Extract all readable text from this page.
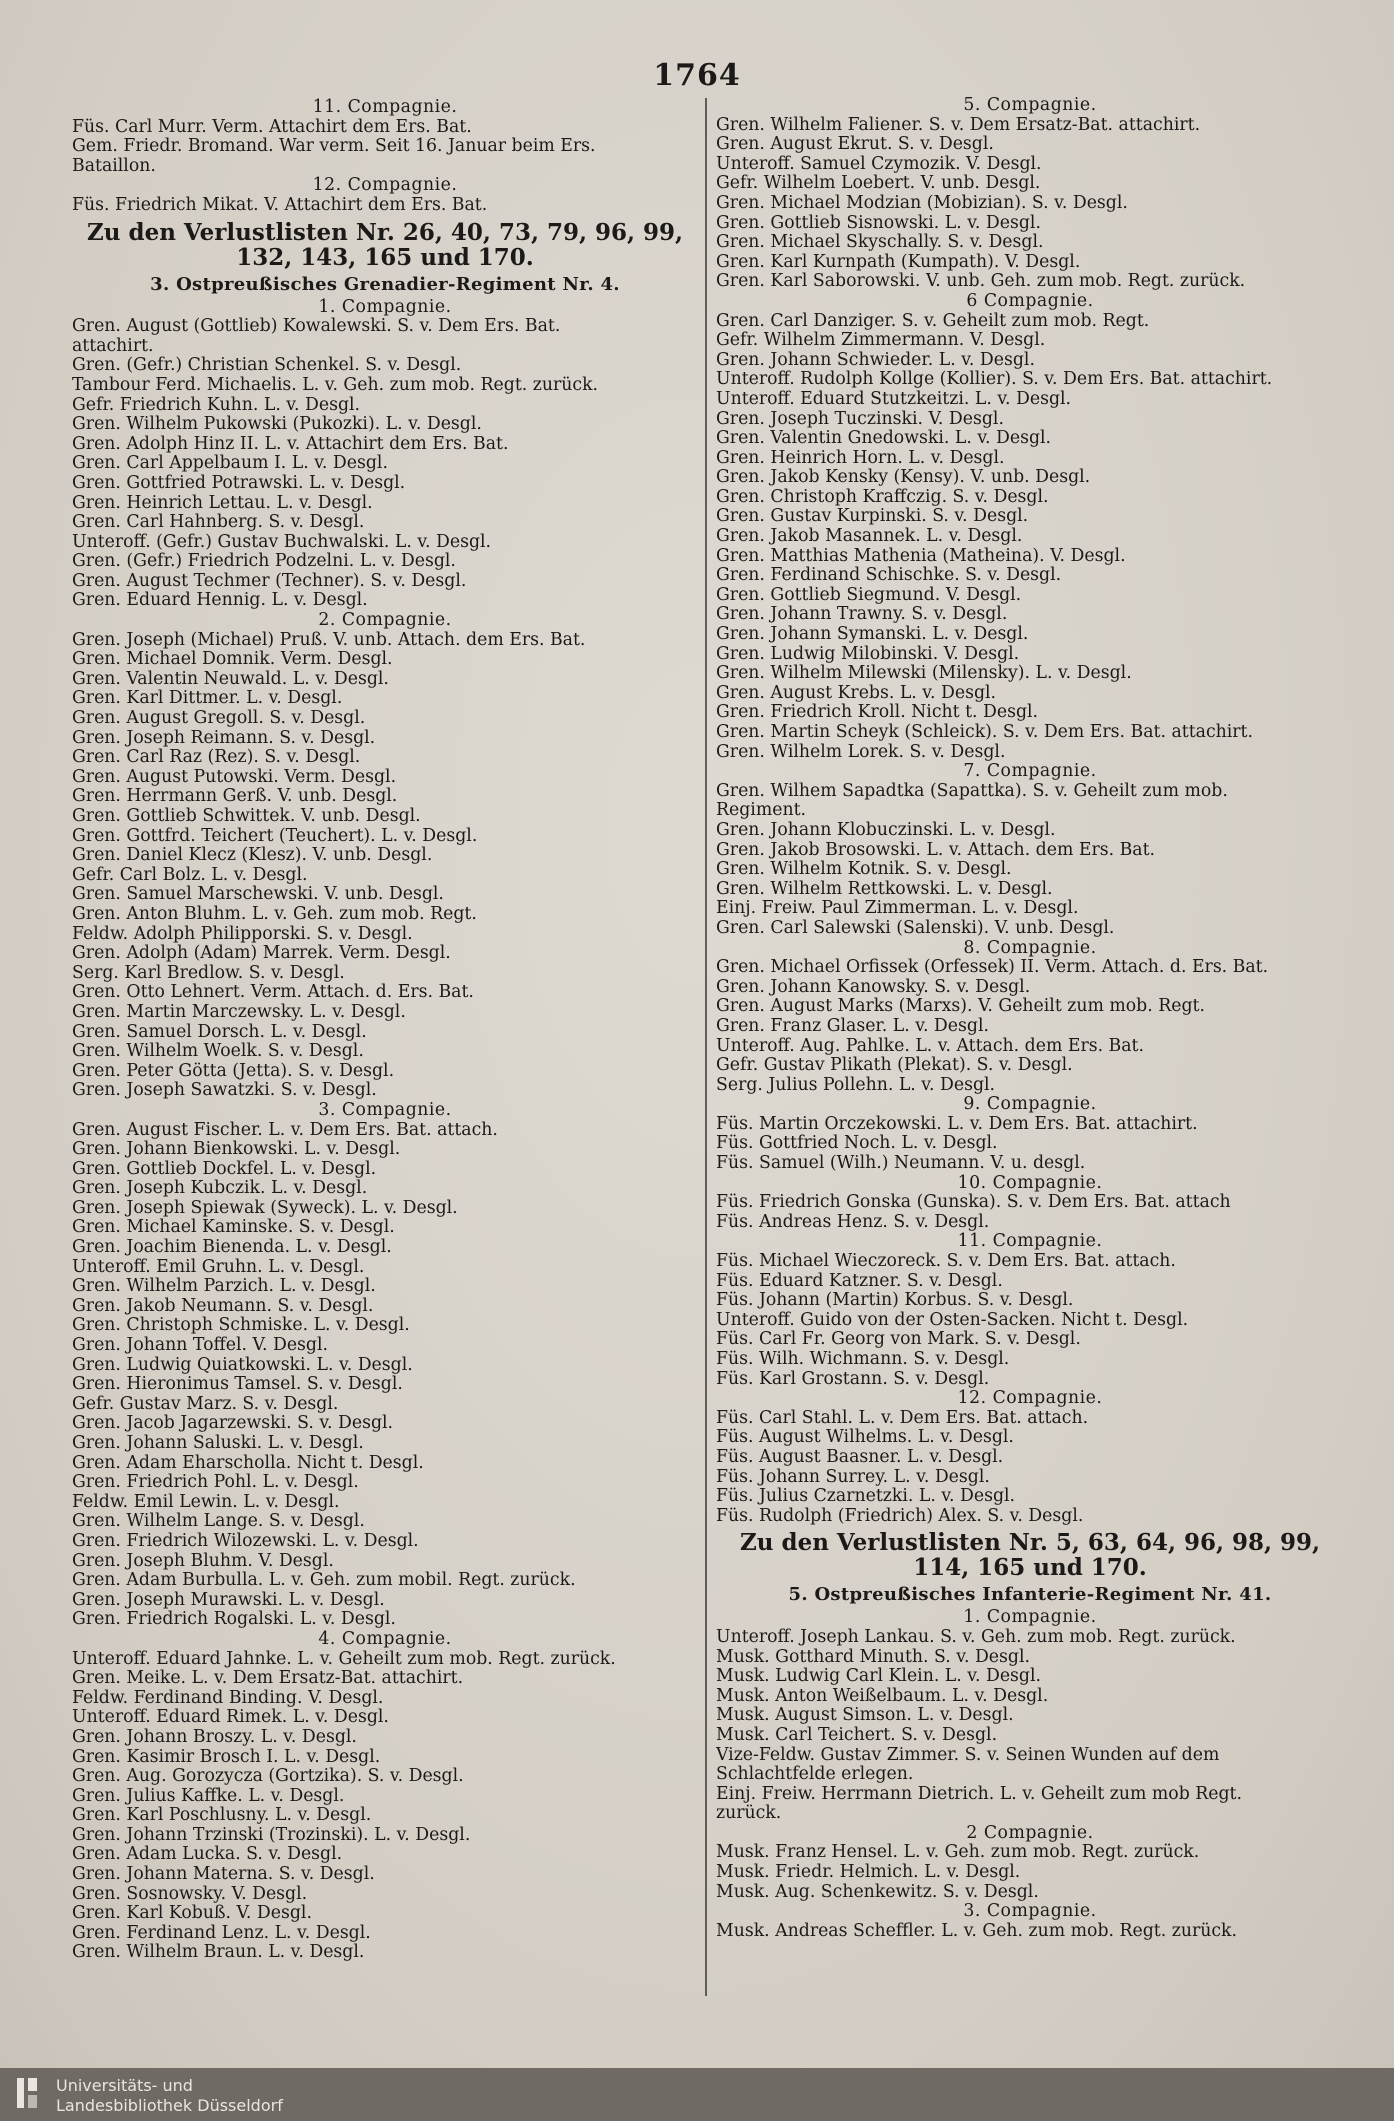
1764
11. Compagnie.
Füs. Carl Murr. Verm. Attachirt dem Ers. Bat.
Gem. Friedr. Bromand. War verm. Seit 16. Januar beim Ers.
Bataillon.
12. Compagnie.
Füs. Friedrich Mikat. V. Attachirt dem Ers. Bat.
Zu den Verlustlisten Nr. 26, 40, 73, 79, 96, 99, 132, 143, 165 und 170.
3. Ostpreußisches Grenadier-Regiment Nr. 4.
1. Compagnie.
Gren. August (Gottlieb) Kowalewski. S. v. Dem Ers. Bat.
attachirt.
Gren. (Gefr.) Christian Schenkel. S. v. Desgl.
Tambour Ferd. Michaelis. L. v. Geh. zum mob. Regt. zurück.
Gefr. Friedrich Kuhn. L. v. Desgl.
Gren. Wilhelm Pukowski (Pukozki). L. v. Desgl.
Gren. Adolph Hinz II. L. v. Attachirt dem Ers. Bat.
Gren. Carl Appelbaum I. L. v. Desgl.
Gren. Gottfried Potrawski. L. v. Desgl.
Gren. Heinrich Lettau. L. v. Desgl.
Gren. Carl Hahnberg. S. v. Desgl.
Unteroff. (Gefr.) Gustav Buchwalski. L. v. Desgl.
Gren. (Gefr.) Friedrich Podzelni. L. v. Desgl.
Gren. August Techmer (Techner). S. v. Desgl.
Gren. Eduard Hennig. L. v. Desgl.
2. Compagnie.
Gren. Joseph (Michael) Pruß. V. unb. Attach. dem Ers. Bat.
Gren. Michael Domnik. Verm. Desgl.
Gren. Valentin Neuwald. L. v. Desgl.
Gren. Karl Dittmer. L. v. Desgl.
Gren. August Gregoll. S. v. Desgl.
Gren. Joseph Reimann. S. v. Desgl.
Gren. Carl Raz (Rez). S. v. Desgl.
Gren. August Putowski. Verm. Desgl.
Gren. Herrmann Gerß. V. unb. Desgl.
Gren. Gottlieb Schwittek. V. unb. Desgl.
Gren. Gottfrd. Teichert (Teuchert). L. v. Desgl.
Gren. Daniel Klecz (Klesz). V. unb. Desgl.
Gefr. Carl Bolz. L. v. Desgl.
Gren. Samuel Marschewski. V. unb. Desgl.
Gren. Anton Bluhm. L. v. Geh. zum mob. Regt.
Feldw. Adolph Philipporski. S. v. Desgl.
Gren. Adolph (Adam) Marrek. Verm. Desgl.
Serg. Karl Bredlow. S. v. Desgl.
Gren. Otto Lehnert. Verm. Attach. d. Ers. Bat.
Gren. Martin Marczewsky. L. v. Desgl.
Gren. Samuel Dorsch. L. v. Desgl.
Gren. Wilhelm Woelk. S. v. Desgl.
Gren. Peter Götta (Jetta). S. v. Desgl.
Gren. Joseph Sawatzki. S. v. Desgl.
3. Compagnie.
Gren. August Fischer. L. v. Dem Ers. Bat. attach.
Gren. Johann Bienkowski. L. v. Desgl.
Gren. Gottlieb Dockfel. L. v. Desgl.
Gren. Joseph Kubczik. L. v. Desgl.
Gren. Joseph Spiewak (Syweck). L. v. Desgl.
Gren. Michael Kaminske. S. v. Desgl.
Gren. Joachim Bienenda. L. v. Desgl.
Unteroff. Emil Gruhn. L. v. Desgl.
Gren. Wilhelm Parzich. L. v. Desgl.
Gren. Jakob Neumann. S. v. Desgl.
Gren. Christoph Schmiske. L. v. Desgl.
Gren. Johann Toffel. V. Desgl.
Gren. Ludwig Quiatkowski. L. v. Desgl.
Gren. Hieronimus Tamsel. S. v. Desgl.
Gefr. Gustav Marz. S. v. Desgl.
Gren. Jacob Jagarzewski. S. v. Desgl.
Gren. Johann Saluski. L. v. Desgl.
Gren. Adam Eharscholla. Nicht t. Desgl.
Gren. Friedrich Pohl. L. v. Desgl.
Feldw. Emil Lewin. L. v. Desgl.
Gren. Wilhelm Lange. S. v. Desgl.
Gren. Friedrich Wilozewski. L. v. Desgl.
Gren. Joseph Bluhm. V. Desgl.
Gren. Adam Burbulla. L. v. Geh. zum mobil. Regt. zurück.
Gren. Joseph Murawski. L. v. Desgl.
Gren. Friedrich Rogalski. L. v. Desgl.
4. Compagnie.
Unteroff. Eduard Jahnke. L. v. Geheilt zum mob. Regt. zurück.
Gren. Meike. L. v. Dem Ersatz-Bat. attachirt.
Feldw. Ferdinand Binding. V. Desgl.
Unteroff. Eduard Rimek. L. v. Desgl.
Gren. Johann Broszy. L. v. Desgl.
Gren. Kasimir Brosch I. L. v. Desgl.
Gren. Aug. Gorozycza (Gortzika). S. v. Desgl.
Gren. Julius Kaffke. L. v. Desgl.
Gren. Karl Poschlusny. L. v. Desgl.
Gren. Johann Trzinski (Trozinski). L. v. Desgl.
Gren. Adam Lucka. S. v. Desgl.
Gren. Johann Materna. S. v. Desgl.
Gren. Sosnowsky. V. Desgl.
Gren. Karl Kobuß. V. Desgl.
Gren. Ferdinand Lenz. L. v. Desgl.
Gren. Wilhelm Braun. L. v. Desgl.
5. Compagnie.
Gren. Wilhelm Faliener. S. v. Dem Ersatz-Bat. attachirt.
Gren. August Ekrut. S. v. Desgl.
Unteroff. Samuel Czymozik. V. Desgl.
Gefr. Wilhelm Loebert. V. unb. Desgl.
Gren. Michael Modzian (Mobizian). S. v. Desgl.
Gren. Gottlieb Sisnowski. L. v. Desgl.
Gren. Michael Skyschally. S. v. Desgl.
Gren. Karl Kurnpath (Kumpath). V. Desgl.
Gren. Karl Saborowski. V. unb. Geh. zum mob. Regt. zurück.
6 Compagnie.
Gren. Carl Danziger. S. v. Geheilt zum mob. Regt.
Gefr. Wilhelm Zimmermann. V. Desgl.
Gren. Johann Schwieder. L. v. Desgl.
Unteroff. Rudolph Kollge (Kollier). S. v. Dem Ers. Bat. attachirt.
Unteroff. Eduard Stutzkeitzi. L. v. Desgl.
Gren. Joseph Tuczinski. V. Desgl.
Gren. Valentin Gnedowski. L. v. Desgl.
Gren. Heinrich Horn. L. v. Desgl.
Gren. Jakob Kensky (Kensy). V. unb. Desgl.
Gren. Christoph Kraffczig. S. v. Desgl.
Gren. Gustav Kurpinski. S. v. Desgl.
Gren. Jakob Masannek. L. v. Desgl.
Gren. Matthias Mathenia (Matheina). V. Desgl.
Gren. Ferdinand Schischke. S. v. Desgl.
Gren. Gottlieb Siegmund. V. Desgl.
Gren. Johann Trawny. S. v. Desgl.
Gren. Johann Symanski. L. v. Desgl.
Gren. Ludwig Milobinski. V. Desgl.
Gren. Wilhelm Milewski (Milensky). L. v. Desgl.
Gren. August Krebs. L. v. Desgl.
Gren. Friedrich Kroll. Nicht t. Desgl.
Gren. Martin Scheyk (Schleick). S. v. Dem Ers. Bat. attachirt.
Gren. Wilhelm Lorek. S. v. Desgl.
7. Compagnie.
Gren. Wilhem Sapadtka (Sapattka). S. v. Geheilt zum mob.
Regiment.
Gren. Johann Klobuczinski. L. v. Desgl.
Gren. Jakob Brosowski. L. v. Attach. dem Ers. Bat.
Gren. Wilhelm Kotnik. S. v. Desgl.
Gren. Wilhelm Rettkowski. L. v. Desgl.
Einj. Freiw. Paul Zimmerman. L. v. Desgl.
Gren. Carl Salewski (Salenski). V. unb. Desgl.
8. Compagnie.
Gren. Michael Orfissek (Orfessek) II. Verm. Attach. d. Ers. Bat.
Gren. Johann Kanowsky. S. v. Desgl.
Gren. August Marks (Marxs). V. Geheilt zum mob. Regt.
Gren. Franz Glaser. L. v. Desgl.
Unteroff. Aug. Pahlke. L. v. Attach. dem Ers. Bat.
Gefr. Gustav Plikath (Plekat). S. v. Desgl.
Serg. Julius Pollehn. L. v. Desgl.
9. Compagnie.
Füs. Martin Orczekowski. L. v. Dem Ers. Bat. attachirt.
Füs. Gottfried Noch. L. v. Desgl.
Füs. Samuel (Wilh.) Neumann. V. u. desgl.
10. Compagnie.
Füs. Friedrich Gonska (Gunska). S. v. Dem Ers. Bat. attach
Füs. Andreas Henz. S. v. Desgl.
11. Compagnie.
Füs. Michael Wieczoreck. S. v. Dem Ers. Bat. attach.
Füs. Eduard Katzner. S. v. Desgl.
Füs. Johann (Martin) Korbus. S. v. Desgl.
Unteroff. Guido von der Osten-Sacken. Nicht t. Desgl.
Füs. Carl Fr. Georg von Mark. S. v. Desgl.
Füs. Wilh. Wichmann. S. v. Desgl.
Füs. Karl Grostann. S. v. Desgl.
12. Compagnie.
Füs. Carl Stahl. L. v. Dem Ers. Bat. attach.
Füs. August Wilhelms. L. v. Desgl.
Füs. August Baasner. L. v. Desgl.
Füs. Johann Surrey. L. v. Desgl.
Füs. Julius Czarnetzki. L. v. Desgl.
Füs. Rudolph (Friedrich) Alex. S. v. Desgl.
Zu den Verlustlisten Nr. 5, 63, 64, 96, 98, 99, 114, 165 und 170.
5. Ostpreußisches Infanterie-Regiment Nr. 41.
1. Compagnie.
Unteroff. Joseph Lankau. S. v. Geh. zum mob. Regt. zurück.
Musk. Gotthard Minuth. S. v. Desgl.
Musk. Ludwig Carl Klein. L. v. Desgl.
Musk. Anton Weißelbaum. L. v. Desgl.
Musk. August Simson. L. v. Desgl.
Musk. Carl Teichert. S. v. Desgl.
Vize-Feldw. Gustav Zimmer. S. v. Seinen Wunden auf dem
Schlachtfelde erlegen.
Einj. Freiw. Herrmann Dietrich. L. v. Geheilt zum mob Regt.
zurück.
2 Compagnie.
Musk. Franz Hensel. L. v. Geh. zum mob. Regt. zurück.
Musk. Friedr. Helmich. L. v. Desgl.
Musk. Aug. Schenkewitz. S. v. Desgl.
3. Compagnie.
Musk. Andreas Scheffler. L. v. Geh. zum mob. Regt. zurück.
Universitäts- und
Landesbibliothek Düsseldorf
